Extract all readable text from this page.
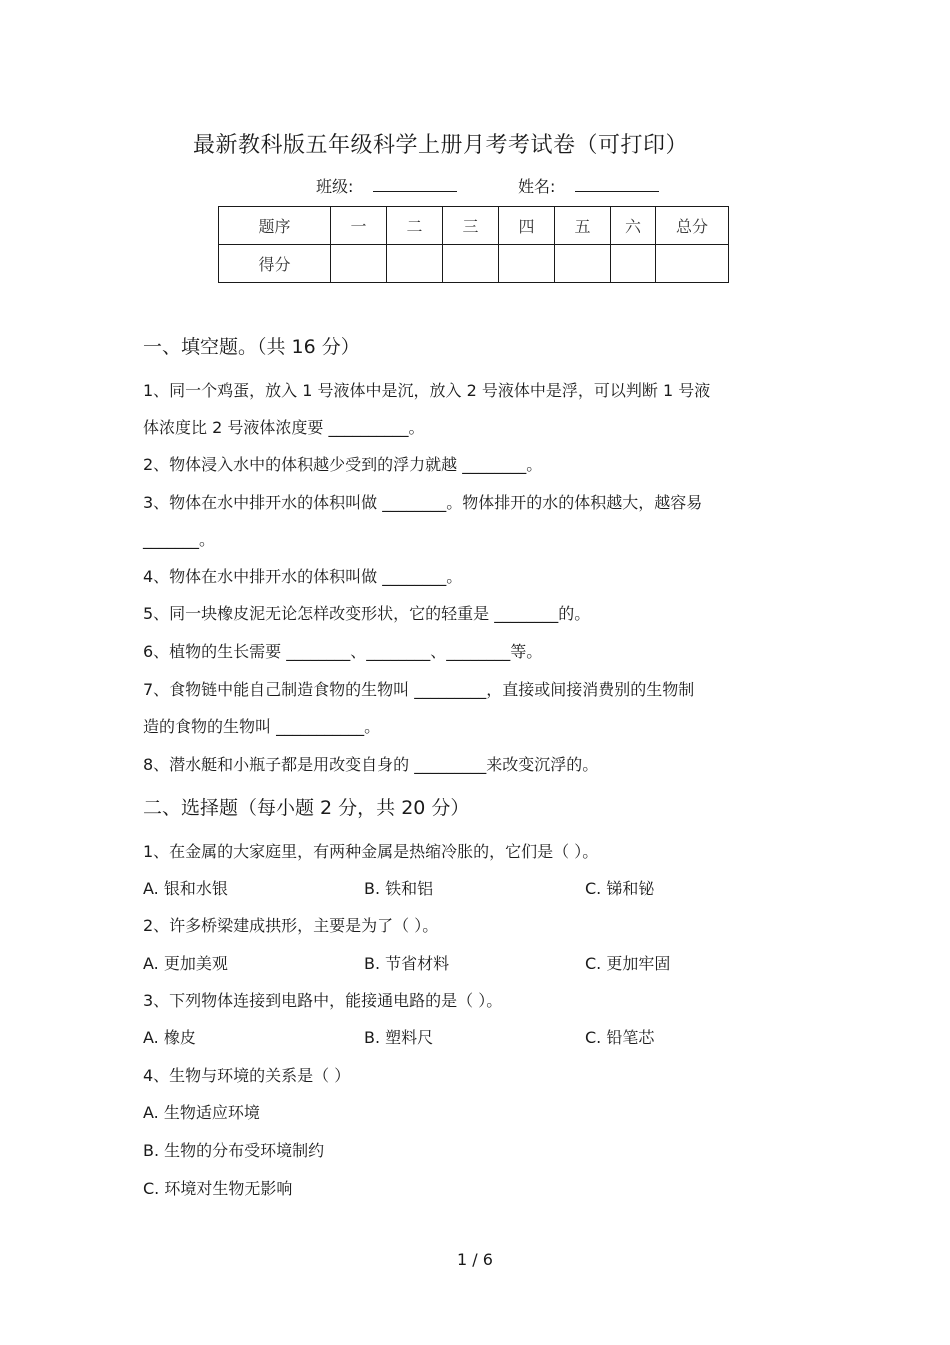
最新教科版五年级科学上册月考考试卷（可打印）
班级:	姓名:
题序	一	二	三	四	五	六	总分
得分							
一、填空题。（共 16 分）
1、同一个鸡蛋，放入 1 号液体中是沉，放入 2 号液体中是浮，可以判断 1 号液
体浓度比 2 号液体浓度要 __________。
2、物体浸入水中的体积越少受到的浮力就越 ________。
3、物体在水中排开水的体积叫做 ________。物体排开的水的体积越大，越容易
_______。
4、物体在水中排开水的体积叫做 ________。
5、同一块橡皮泥无论怎样改变形状，它的轻重是 ________的。
6、植物的生长需要 ________、________、________等。
7、食物链中能自己制造食物的生物叫 _________，直接或间接消费别的生物制
造的食物的生物叫 ___________。
8、潜水艇和小瓶子都是用改变自身的 _________来改变沉浮的。
二、选择题（每小题 2 分，共 20 分）
1、在金属的大家庭里，有两种金属是热缩冷胀的，它们是（ ）。
A. 银和水银	B. 铁和铝	C. 锑和铋
2、许多桥梁建成拱形，主要是为了（ ）。
A. 更加美观	B. 节省材料	C. 更加牢固
3、下列物体连接到电路中，能接通电路的是（ ）。
A. 橡皮	B. 塑料尺	C. 铅笔芯
4、生物与环境的关系是（ ）
A. 生物适应环境
B. 生物的分布受环境制约
C. 环境对生物无影响
1 / 6
